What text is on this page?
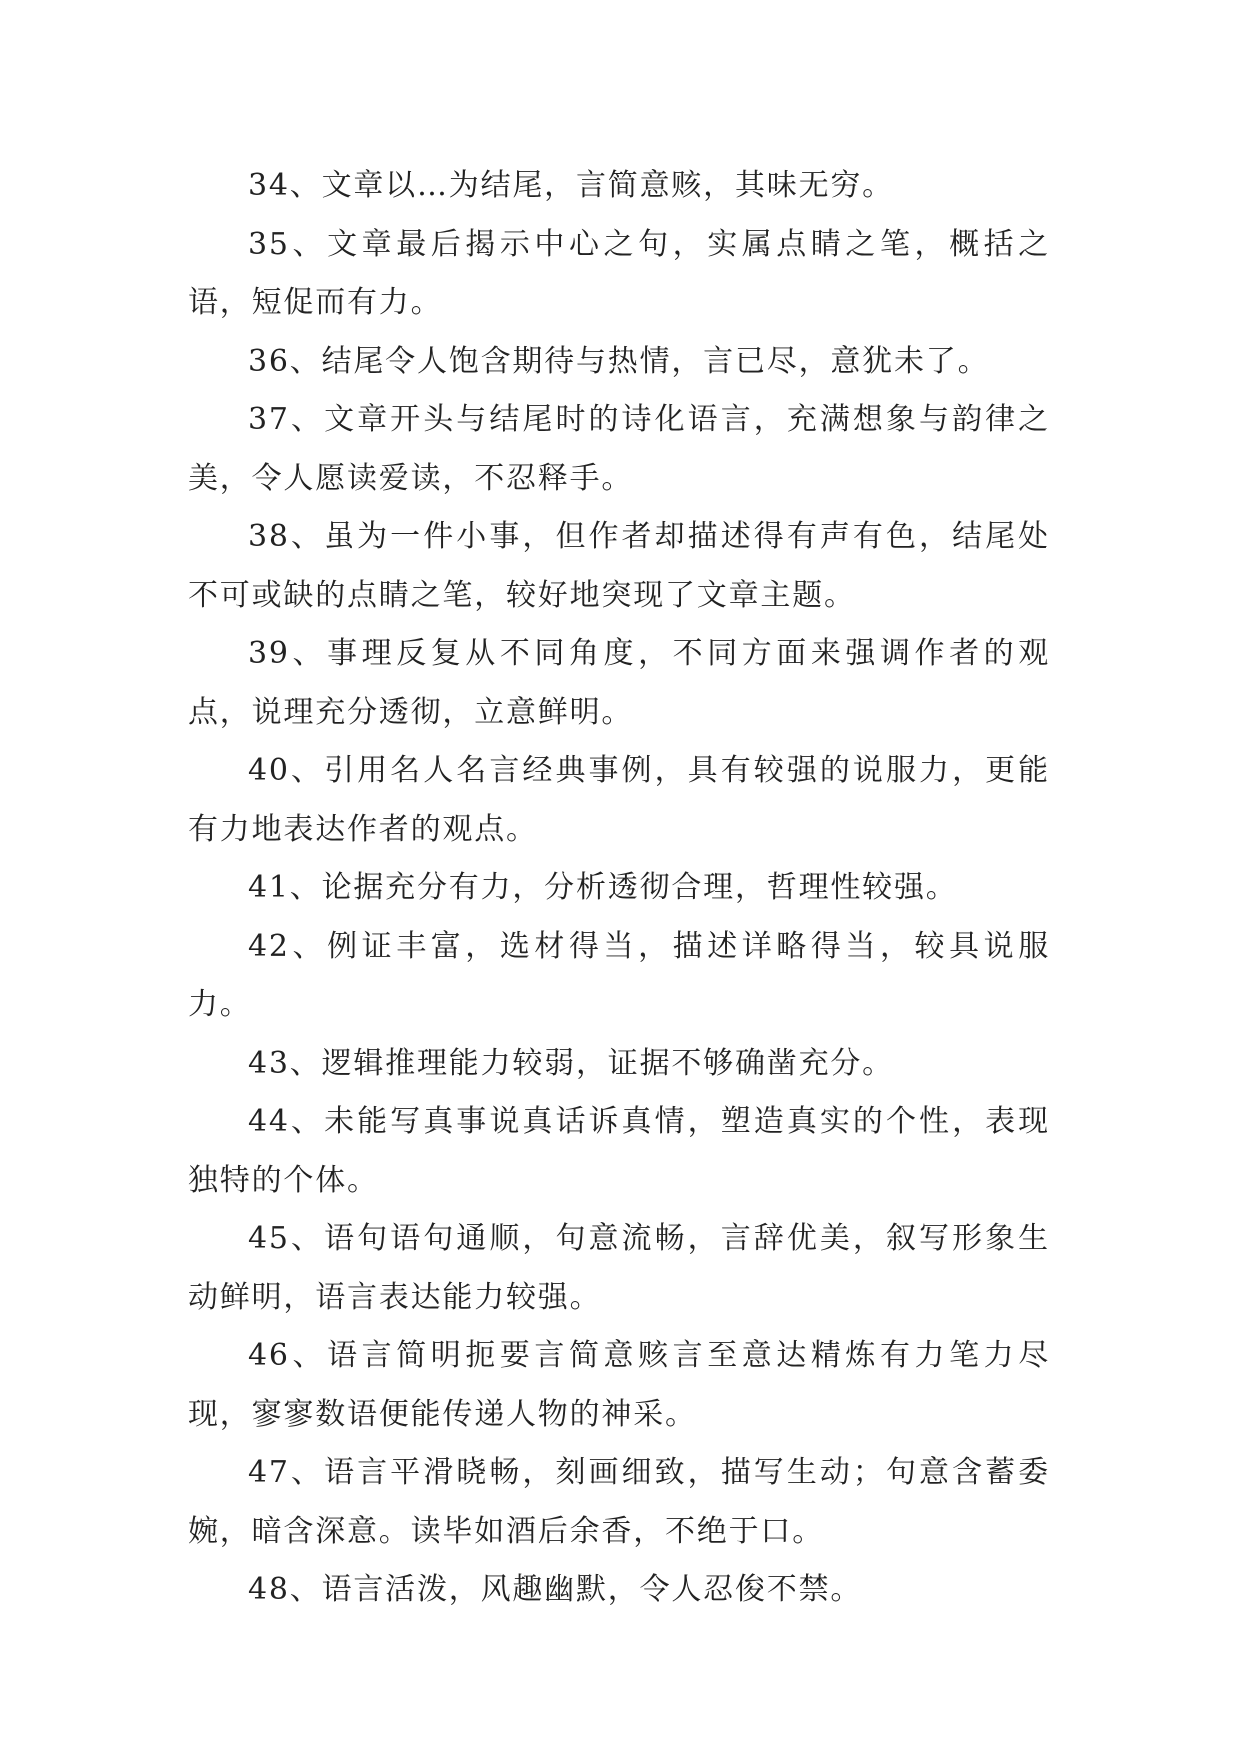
34、文章以…为结尾，言简意赅，其味无穷。

35、文章最后揭示中心之句，实属点睛之笔，概括之语，短促而有力。

36、结尾令人饱含期待与热情，言已尽，意犹未了。

37、文章开头与结尾时的诗化语言，充满想象与韵律之美，令人愿读爱读，不忍释手。

38、虽为一件小事，但作者却描述得有声有色，结尾处不可或缺的点睛之笔，较好地突现了文章主题。

39、事理反复从不同角度，不同方面来强调作者的观点，说理充分透彻，立意鲜明。

40、引用名人名言经典事例，具有较强的说服力，更能有力地表达作者的观点。

41、论据充分有力，分析透彻合理，哲理性较强。

42、例证丰富，选材得当，描述详略得当，较具说服力。

43、逻辑推理能力较弱，证据不够确凿充分。

44、未能写真事说真话诉真情，塑造真实的个性，表现独特的个体。

45、语句语句通顺，句意流畅，言辞优美，叙写形象生动鲜明，语言表达能力较强。

46、语言简明扼要言简意赅言至意达精炼有力笔力尽现，寥寥数语便能传递人物的神采。

47、语言平滑晓畅，刻画细致，描写生动；句意含蓄委婉，暗含深意。读毕如酒后余香，不绝于口。

48、语言活泼，风趣幽默，令人忍俊不禁。
